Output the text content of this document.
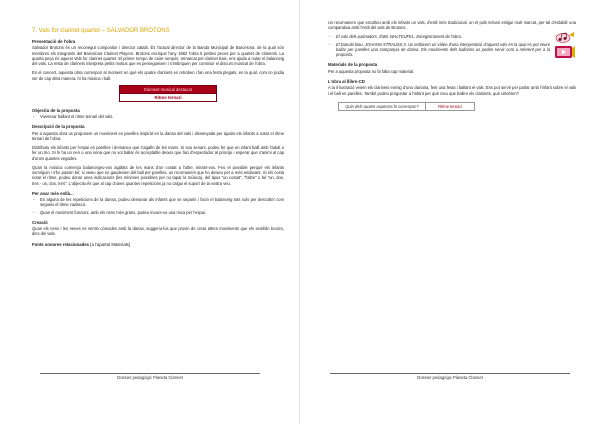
7. Vals for clarinet quartet – SALVADOR BROTONS
Presentació de l'obra
Salvador Brotons és un reconegut compositor i director català. És l'actual director de la Banda Municipal de Barcelona, de la qual són membres els integrants del Barcelona Clarinet Players. Brotons escriqué l'any 1982 l'obra 5 petites peces per a quartet de clarinets. La quarta peça és aquest Vals for clarinet quartet. El primer tempo de caire rumpós, remarcat pel clarinet baix, ens ajuda a notar el balanceig del vals. La resta de clarinets interpreta petits motius que es persegueixen i s'imbriquen per construir el discurs musical de l'obra.
En el concert, aquesta obra correspon al moment en què els quatre clarinets es retroben i fan una festa plegats, en la qual, com no podia ser de cap altra manera, hi ha música i ball.
Element musical destacat
Ritme ternari
Objectiu de la proposta
- Vivenciar ballant el ritme ternari del vals.
Descripció de la proposta
Per a aquesta obra us proposem un moviment en parelles inspirat en la dansa del vals i dissenyada per ajudar els infants a notar el ritme ternari de l'obra.
Distribuïu els infants per l'espai en parelles i demaneu que s'agafin de les mans. Si sou senars, podeu fer que un infant balli amb l'adult o fer un trio. Si hi ha un nen o una nena que no vol ballar és acceptable deixar que faci d'espectador al principi i esperar que s'animi al cap d'unes quantes vegades.
Quan la música comença balancegeu-vos agafats de les mans d'un costat a l'altre, mirant-vos. Feu el possible perquè els infants somriguin i s'ho passin bé; si veieu que no gaudeixen del ball per parelles, us recomanem que ho deixeu per a més endavant. Si els costa notar el ritme, podeu donar unes indicacions (les mínimes possibles per no tapar la música), del tipus "un costat", "l'altre" o bé "un, dos, tres - un, dos, tres". L'objectiu és que al cap d'unes quantes repeticions ja no calgui el suport de la vostra veu.
Per anar més enllà...
- En alguna de les repeticions de la dansa, podeu demanar als infants que se separin i facin el balanceig tots sols per descobrir com segueix el ritme cadascú.
- Quan el moviment funcioni, amb els nens més grans, podeu moure-us una mica per l'espai.
Creació
Quan els nens i les nenes es sentin còmodes amb la dansa, suggeriu-los que provin de crear altres moviments que els semblin bonics, dins del vals.
Fonts sonores relacionades [a l'apartat Materials]
Dossier pedagògic Planeta Clarinet
Us recomanem que escolteu amb els infants un vals, d'estil més tradicional, on el pols ternari estigui molt marcat, per tal d'establir una comparativa amb l'estil del vals de Brotons.
- El vals dels patinadors, ÉMIL WALTEUFEL. Enregistrament de l'obra.
- El Danubi blau, JOHANN STRAUSS II. Us enllacem un vídeo d'una interpretació d'aquest vals en la qual es pot veure ballar per parelles una companyia de dansa. Els moviments dels ballarins us poden servir com a referent per a la proposta.
Materials de la proposta
Per a aquesta proposta no fa falta cap material.
L'obra al llibre-CD
A la il·lustració veiem els clarinets enmig d'una clariana, fent una festa i ballant el vals. Ens pot servir per parlar amb l'infant sobre el vals i el ball en parelles. També podeu preguntar a l'infant per què creu que ballen els clarinets, què celebren?
Quin dels quatre aspectes hi correspon?	Ritme ternari
Dossier pedagògic Planeta Clarinet
